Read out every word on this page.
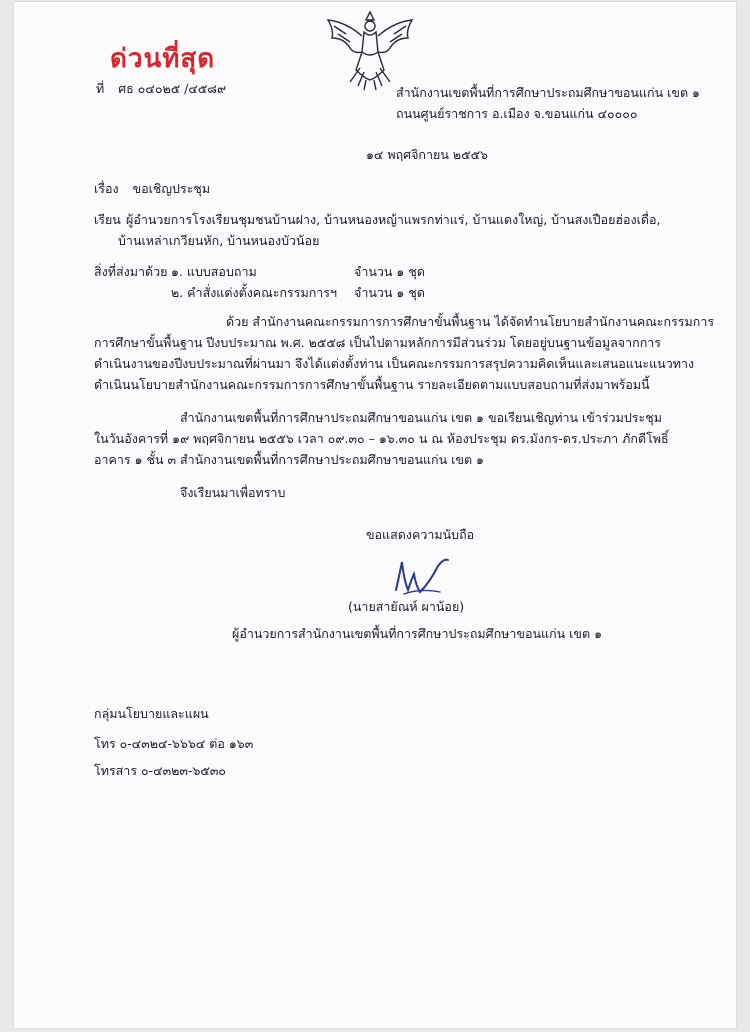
ด่วนที่สุด
ที่ ศธ ๐๔๐๒๕ /๔๕๘๙	สำนักงานเขตพื้นที่การศึกษาประถมศึกษาขอนแก่น เขต ๑
ถนนศูนย์ราชการ อ.เมือง จ.ขอนแก่น ๔๐๐๐๐
๑๔ พฤศจิกายน ๒๕๕๖
เรื่อง ขอเชิญประชุม
เรียน ผู้อำนวยการโรงเรียนชุมชนบ้านฝาง, บ้านหนองหญ้าแพรกท่าแร่, บ้านแดงใหญ่, บ้านสงเปือยฮ่องเดื่อ,
บ้านเหล่าเกวียนหัก, บ้านหนองบัวน้อย
สิ่งที่ส่งมาด้วย ๑. แบบสอบถาม	จำนวน ๑ ชุด
๒. คำสั่งแต่งตั้งคณะกรรมการฯ จำนวน ๑ ชุด
ด้วย สำนักงานคณะกรรมการการศึกษาขั้นพื้นฐาน ได้จัดทำนโยบายสำนักงานคณะกรรมการ
การศึกษาขั้นพื้นฐาน ปีงบประมาณ พ.ศ. ๒๕๕๘ เป็นไปตามหลักการมีส่วนร่วม โดยอยู่บนฐานข้อมูลจากการ
ดำเนินงานของปีงบประมาณที่ผ่านมา จึงได้แต่งตั้งท่าน เป็นคณะกรรมการสรุปความคิดเห็นและเสนอแนะแนวทาง
ดำเนินนโยบายสำนักงานคณะกรรมการการศึกษาขั้นพื้นฐาน รายละเอียดตามแบบสอบถามที่ส่งมาพร้อมนี้
สำนักงานเขตพื้นที่การศึกษาประถมศึกษาขอนแก่น เขต ๑ ขอเรียนเชิญท่าน เข้าร่วมประชุม
ในวันอังคารที่ ๑๙ พฤศจิกายน ๒๕๕๖ เวลา ๐๙.๓๐ – ๑๖.๓๐ น ณ ห้องประชุม ดร.มังกร-ดร.ประภา ภักดีโพธิ์
อาคาร ๑ ชั้น ๓ สำนักงานเขตพื้นที่การศึกษาประถมศึกษาขอนแก่น เขต ๑
จึงเรียนมาเพื่อทราบ
ขอแสดงความนับถือ
(นายสายัณห์ ผาน้อย)
ผู้อำนวยการสำนักงานเขตพื้นที่การศึกษาประถมศึกษาขอนแก่น เขต ๑
กลุ่มนโยบายและแผน
โทร ๐-๔๓๒๔-๖๖๖๔ ต่อ ๑๖๓
โทรสาร ๐-๔๓๒๓-๖๕๓๐
